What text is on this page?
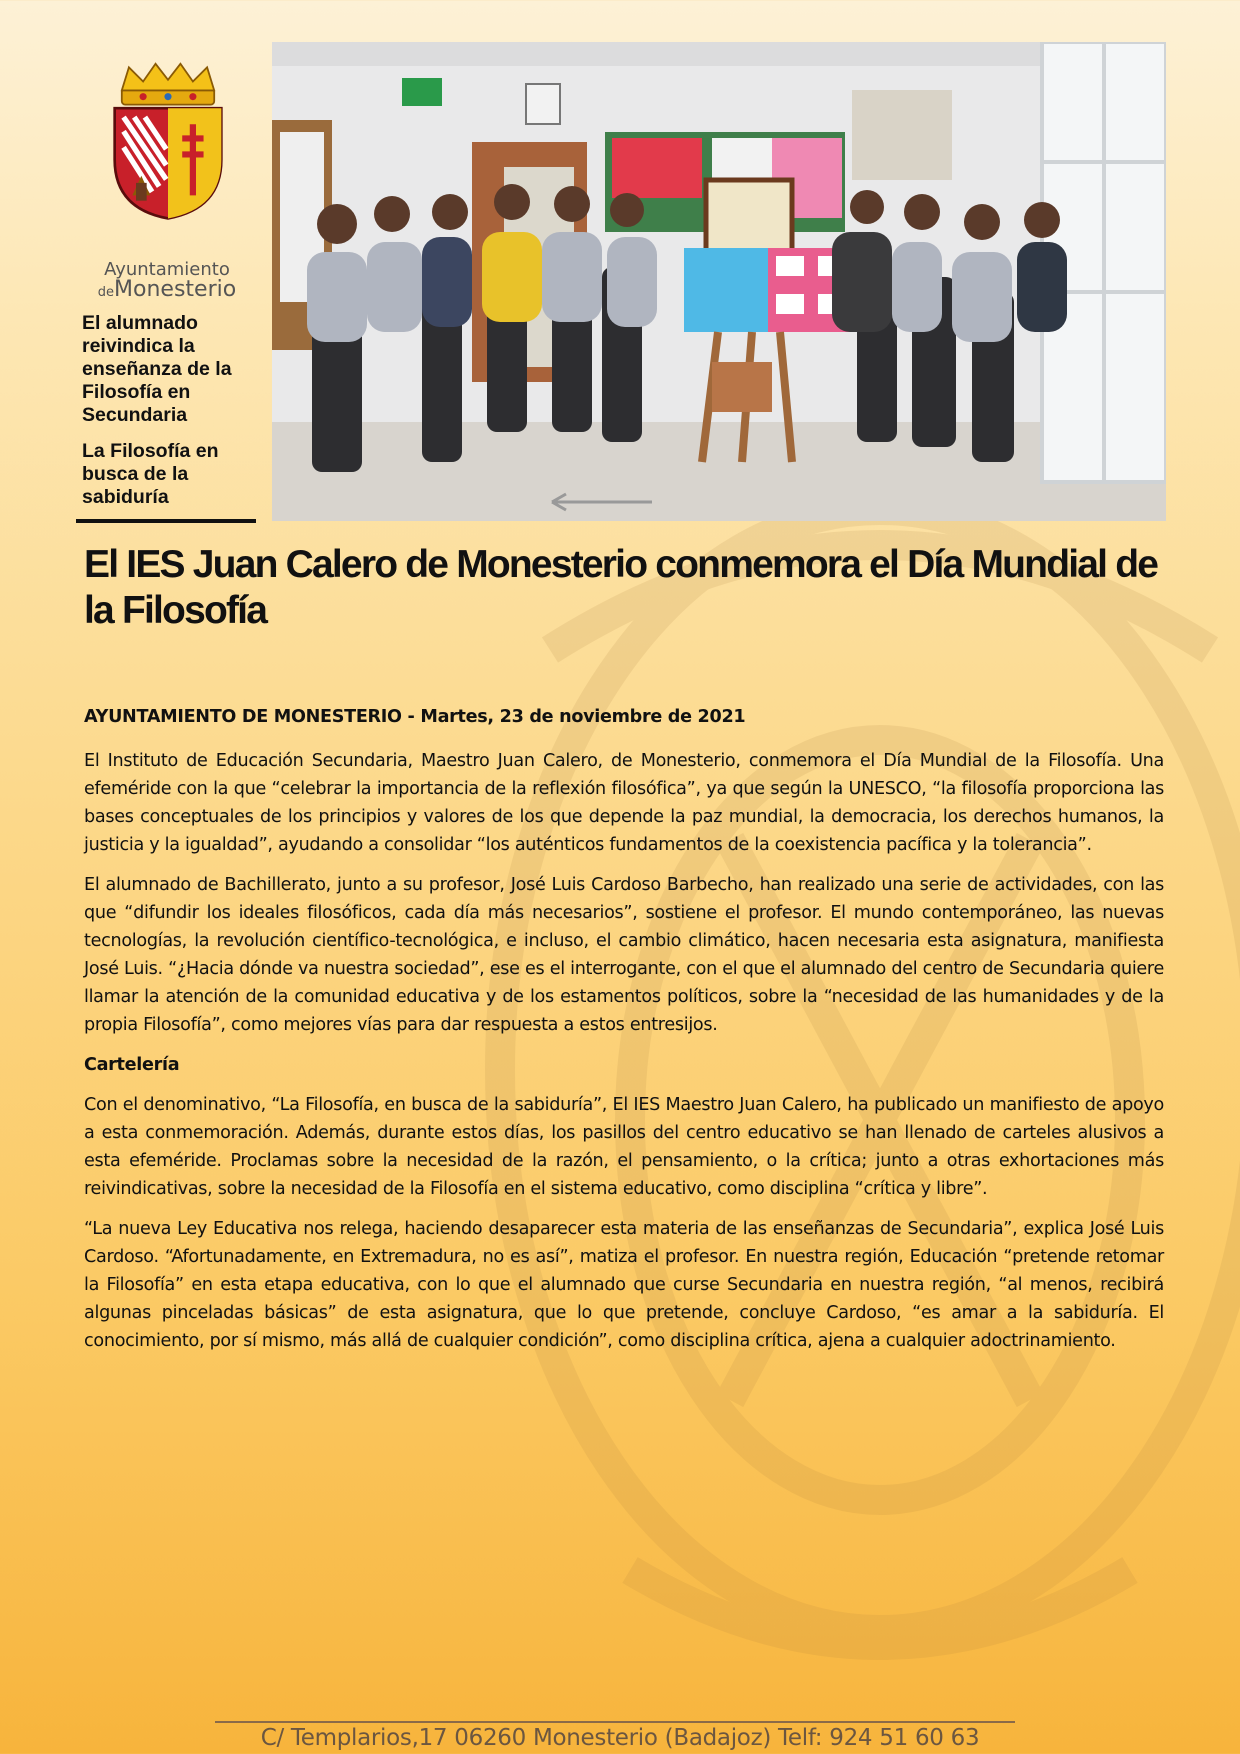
Ayuntamiento
deMonesterio

El alumnado reivindica la enseñanza de la Filosofía en Secundaria

La Filosofía en busca de la sabiduría

El IES Juan Calero de Monesterio conmemora el Día Mundial de la Filosofía

AYUNTAMIENTO DE MONESTERIO - Martes, 23 de noviembre de 2021

El Instituto de Educación Secundaria, Maestro Juan Calero, de Monesterio, conmemora el Día Mundial de la Filosofía. Una efeméride con la que “celebrar la importancia de la reflexión filosófica”, ya que según la UNESCO, “la filosofía proporciona las bases conceptuales de los principios y valores de los que depende la paz mundial, la democracia, los derechos humanos, la justicia y la igualdad”, ayudando a consolidar “los auténticos fundamentos de la coexistencia pacífica y la tolerancia”.

El alumnado de Bachillerato, junto a su profesor, José Luis Cardoso Barbecho, han realizado una serie de actividades, con las que “difundir los ideales filosóficos, cada día más necesarios”, sostiene el profesor. El mundo contemporáneo, las nuevas tecnologías, la revolución científico-tecnológica, e incluso, el cambio climático, hacen necesaria esta asignatura, manifiesta José Luis. “¿Hacia dónde va nuestra sociedad”, ese es el interrogante, con el que el alumnado del centro de Secundaria quiere llamar la atención de la comunidad educativa y de los estamentos políticos, sobre la “necesidad de las humanidades y de la propia Filosofía”, como mejores vías para dar respuesta a estos entresijos.

Cartelería

Con el denominativo, “La Filosofía, en busca de la sabiduría”, El IES Maestro Juan Calero, ha publicado un manifiesto de apoyo a esta conmemoración. Además, durante estos días, los pasillos del centro educativo se han llenado de carteles alusivos a esta efeméride. Proclamas sobre la necesidad de la razón, el pensamiento, o la crítica; junto a otras exhortaciones más reivindicativas, sobre la necesidad de la Filosofía en el sistema educativo, como disciplina “crítica y libre”.

“La nueva Ley Educativa nos relega, haciendo desaparecer esta materia de las enseñanzas de Secundaria”, explica José Luis Cardoso. “Afortunadamente, en Extremadura, no es así”, matiza el profesor. En nuestra región, Educación “pretende retomar la Filosofía” en esta etapa educativa, con lo que el alumnado que curse Secundaria en nuestra región, “al menos, recibirá algunas pinceladas básicas” de esta asignatura, que lo que pretende, concluye Cardoso, “es amar a la sabiduría. El conocimiento, por sí mismo, más allá de cualquier condición”, como disciplina crítica, ajena a cualquier adoctrinamiento.

C/ Templarios,17 06260 Monesterio (Badajoz) Telf: 924 51 60 63
